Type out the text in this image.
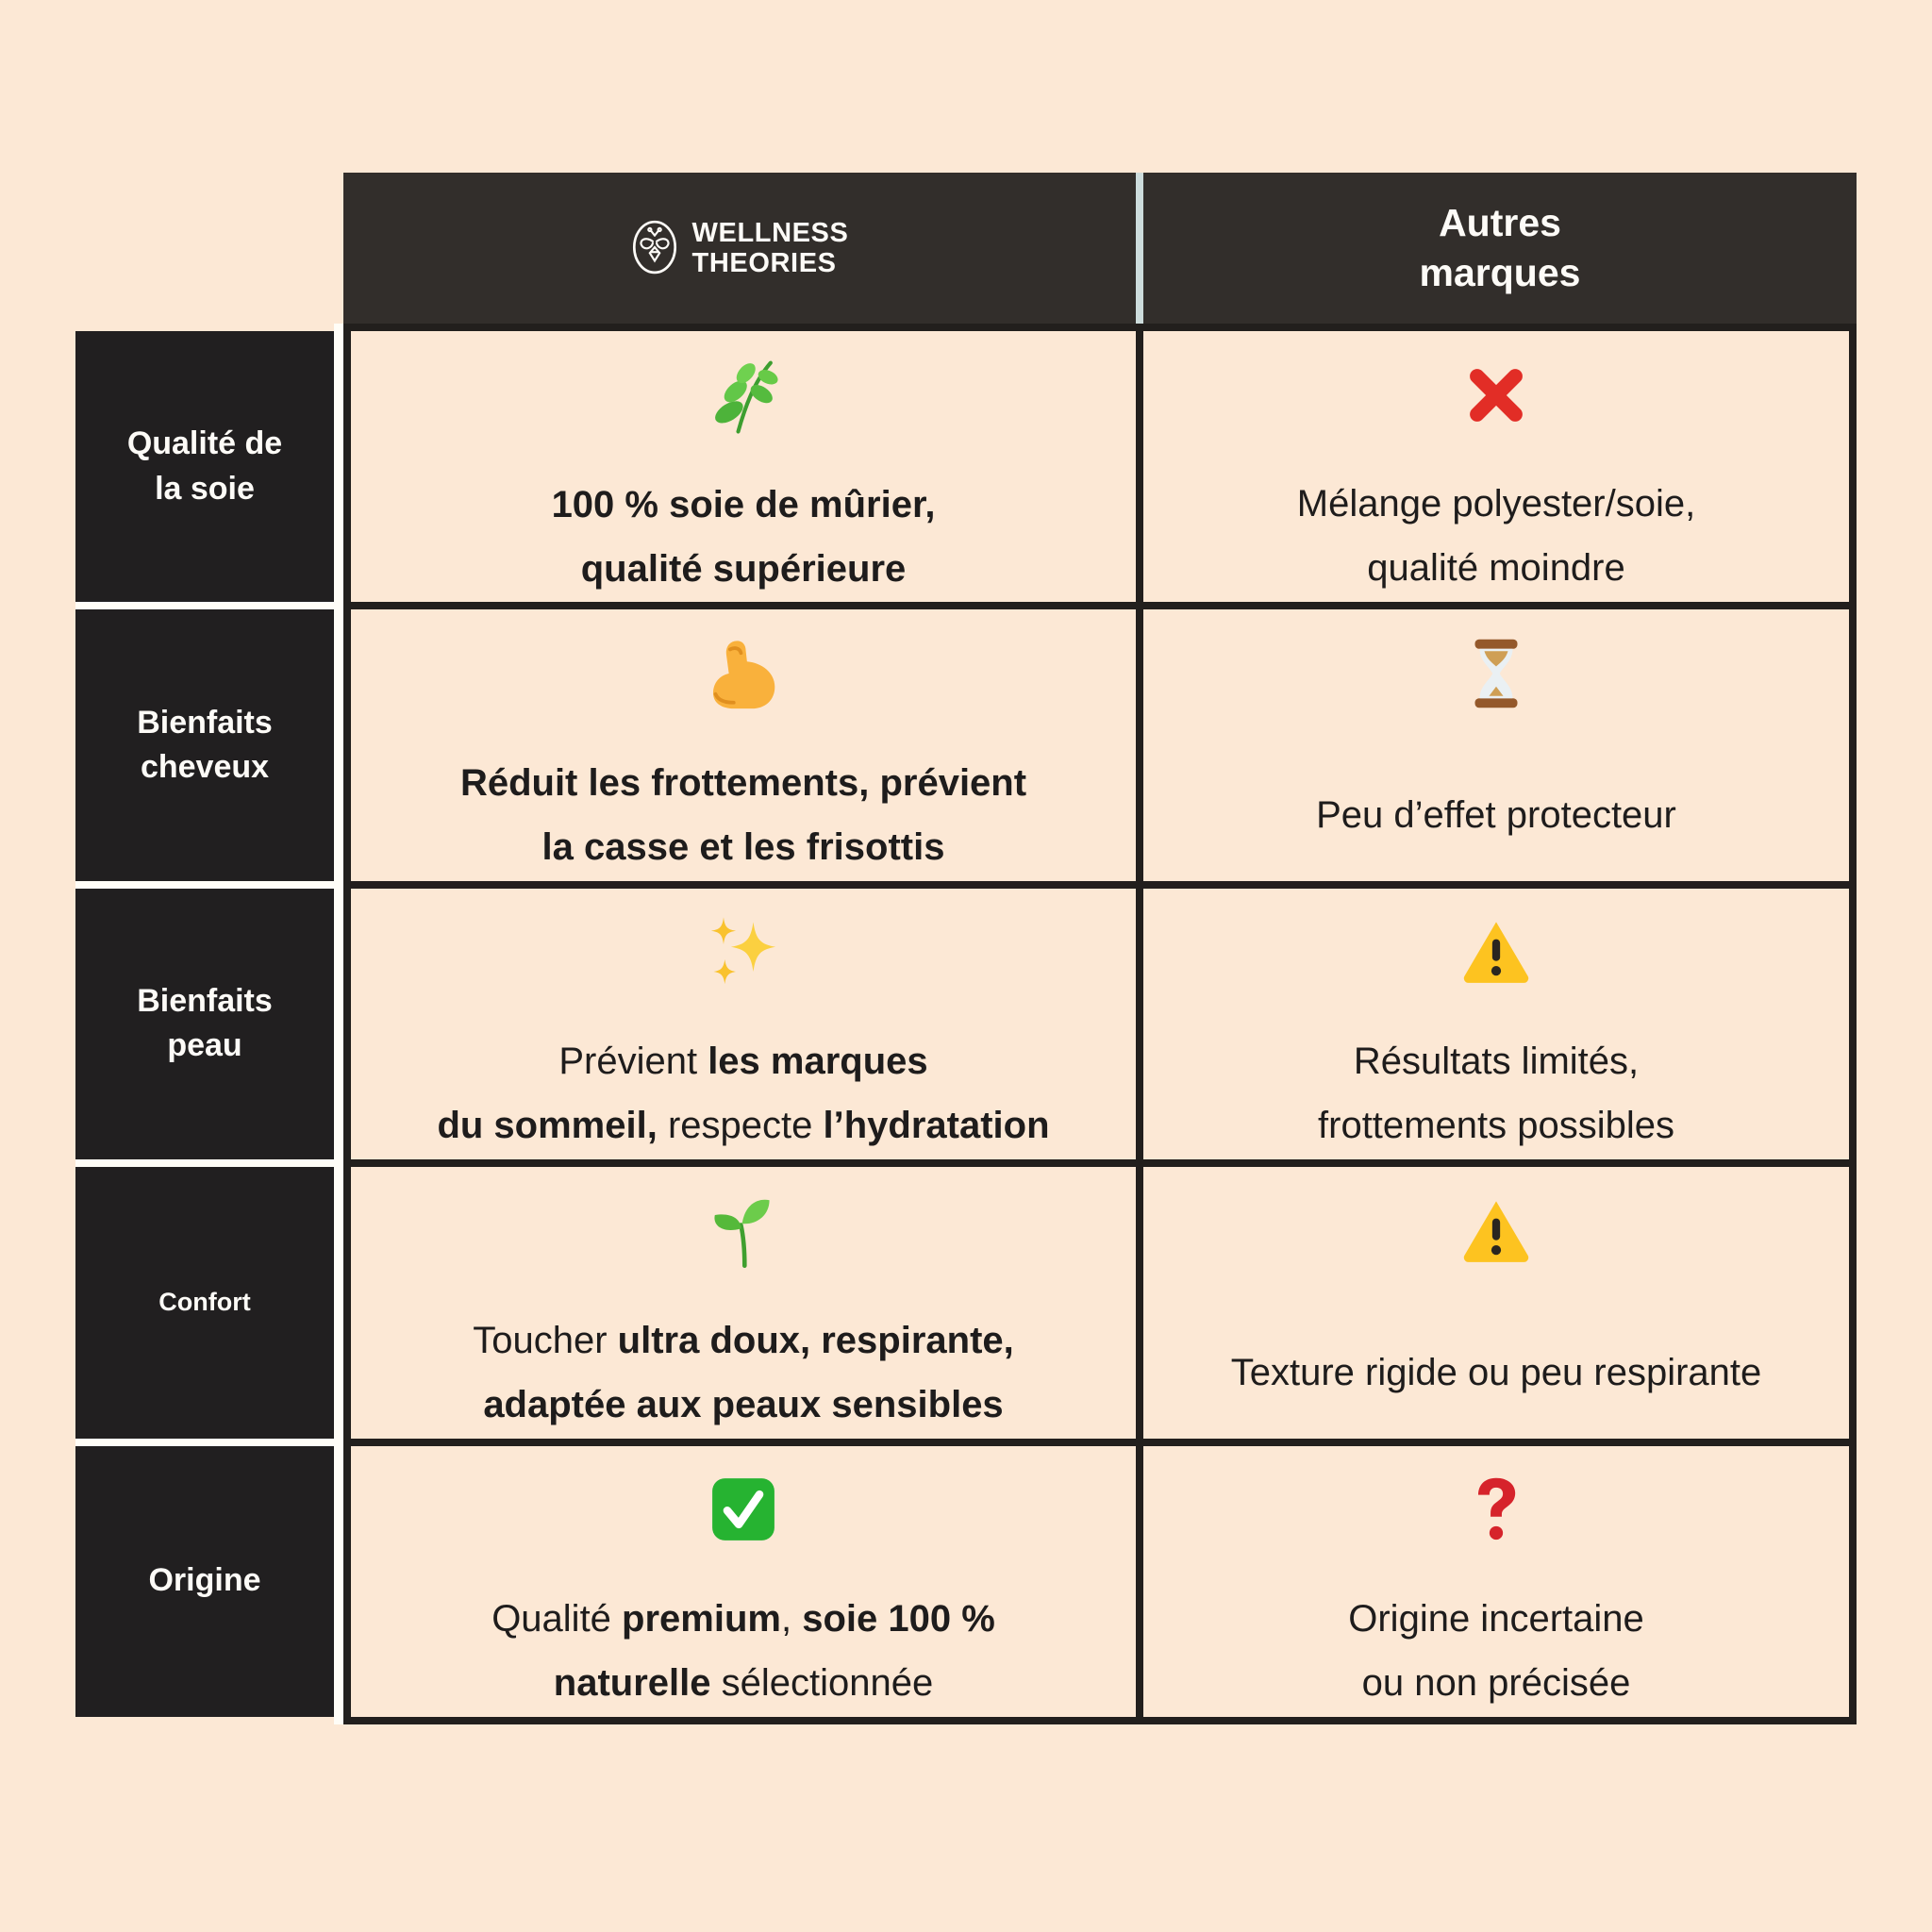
WELLNESS
THEORIES
Autres
marques
Qualité de
la soie
Bienfaits
cheveux
Bienfaits
peau
Confort
Origine
100 % soie de mûrier,
qualité supérieure
Mélange polyester/soie,
qualité moindre
Réduit les frottements, prévient
la casse et les frisottis
Peu d’effet protecteur
Prévient les marques
du sommeil, respecte l’hydratation
Résultats limités,
frottements possibles
Toucher ultra doux, respirante,
adaptée aux peaux sensibles
Texture rigide ou peu respirante
Qualité premium, soie 100 %
naturelle sélectionnée
Origine incertaine
ou non précisée
